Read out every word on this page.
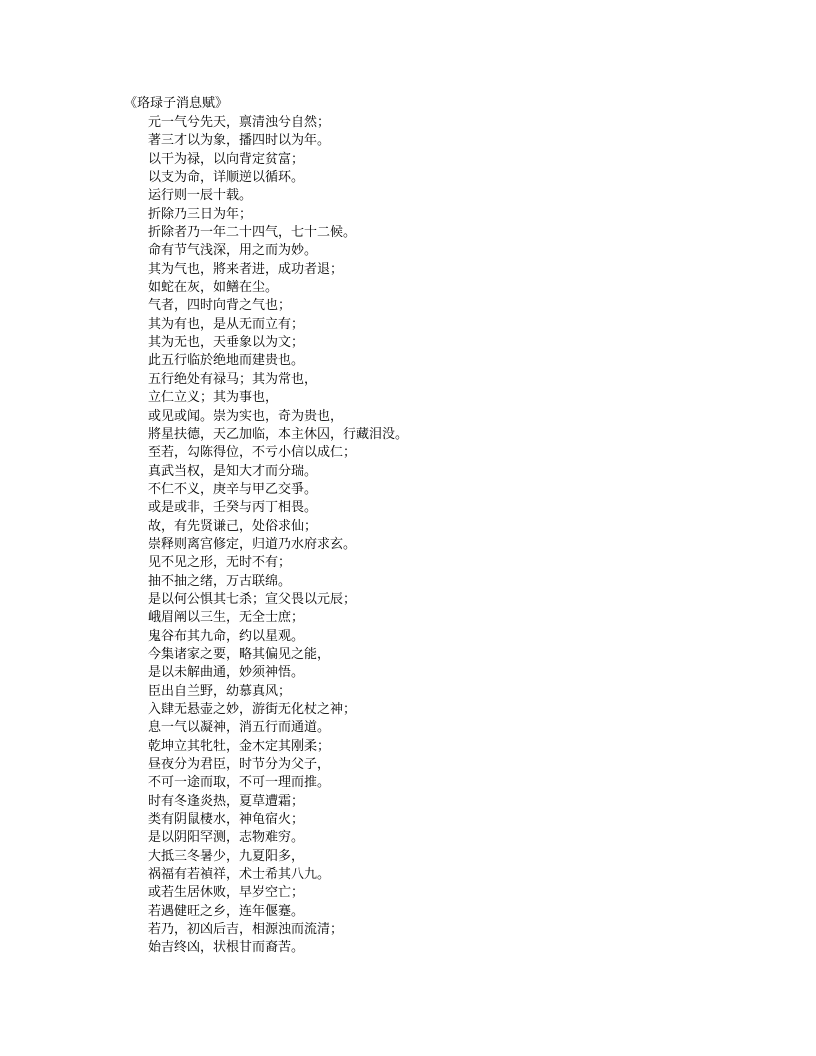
《珞琭子消息赋》
元一气兮先天，禀清浊兮自然；
著三才以为象，播四时以为年。
以干为禄，以向背定贫富；
以支为命，详顺逆以循环。
运行则一辰十载。
折除乃三日为年；
折除者乃一年二十四气，七十二候。
命有节气浅深，用之而为妙。
其为气也，將来者进，成功者退；
如蛇在灰，如鳝在尘。
气者，四时向背之气也；
其为有也，是从无而立有；
其为无也，天垂象以为文；
此五行临於绝地而建贵也。
五行绝处有禄马；其为常也，
立仁立义；其为事也，
或见或闻。崇为实也，奇为贵也，
將星扶德，天乙加临，本主休囚，行藏泪没。
至若，勾陈得位，不亏小信以成仁；
真武当权，是知大才而分瑞。
不仁不义，庚辛与甲乙交爭。
或是或非，壬癸与丙丁相畏。
故，有先贤谦己，处俗求仙；
崇释则离宫修定，归道乃水府求玄。
见不见之形，无时不有；
抽不抽之绪，万古联绵。
是以何公惧其七杀；宣父畏以元辰；
峨眉阐以三生，无全士庶；
鬼谷布其九命，约以星观。
今集诸家之要，略其偏见之能，
是以未解曲通，妙须神悟。
臣出自兰野，幼慕真风；
入肆无悬壶之妙，游街无化杖之神；
息一气以凝神，消五行而通道。
乾坤立其牝牡，金木定其刚柔；
昼夜分为君臣，时节分为父子，
不可一途而取，不可一理而推。
时有冬逢炎热，夏草遭霜；
类有阴鼠棲水，神龟宿火；
是以阴阳罕测，志物难穷。
大抵三冬暑少，九夏阳多，
祸福有若禎祥，术士希其八九。
或若生居休败，早岁空亡；
若遇健旺之乡，连年偃蹇。
若乃，初凶后吉，相源浊而流清；
始吉终凶，状根甘而裔苦。
